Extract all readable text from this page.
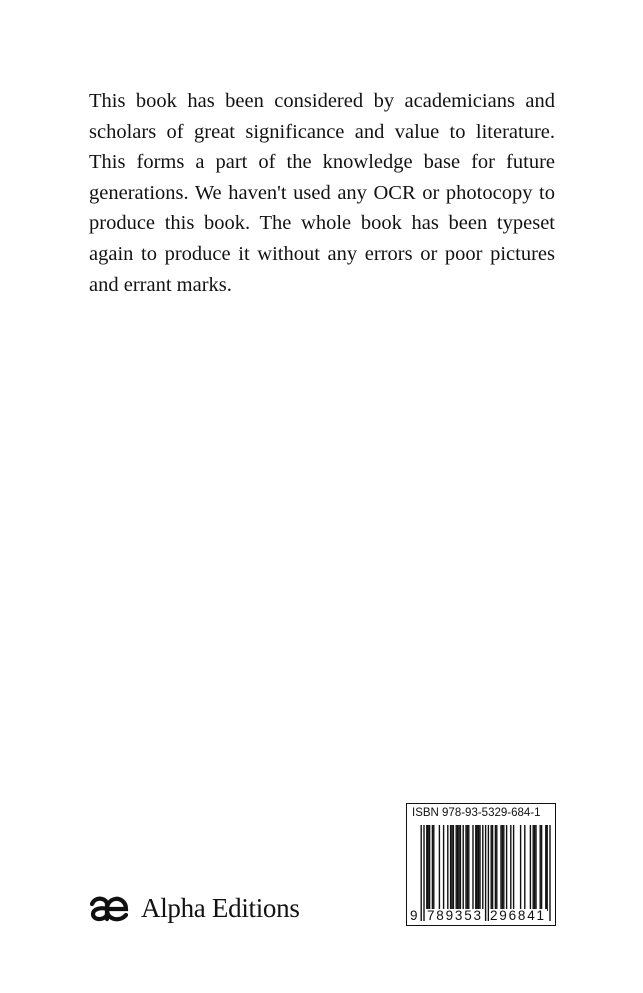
This book has been considered by academicians and scholars of great significance and value to literature. This forms a part of the knowledge base for future generations. We haven't used any OCR or photocopy to produce this book. The whole book has been typeset again to produce it without any errors or poor pictures and errant marks.

Alpha Editions
ISBN 978-93-5329-684-1
9 789353 296841
